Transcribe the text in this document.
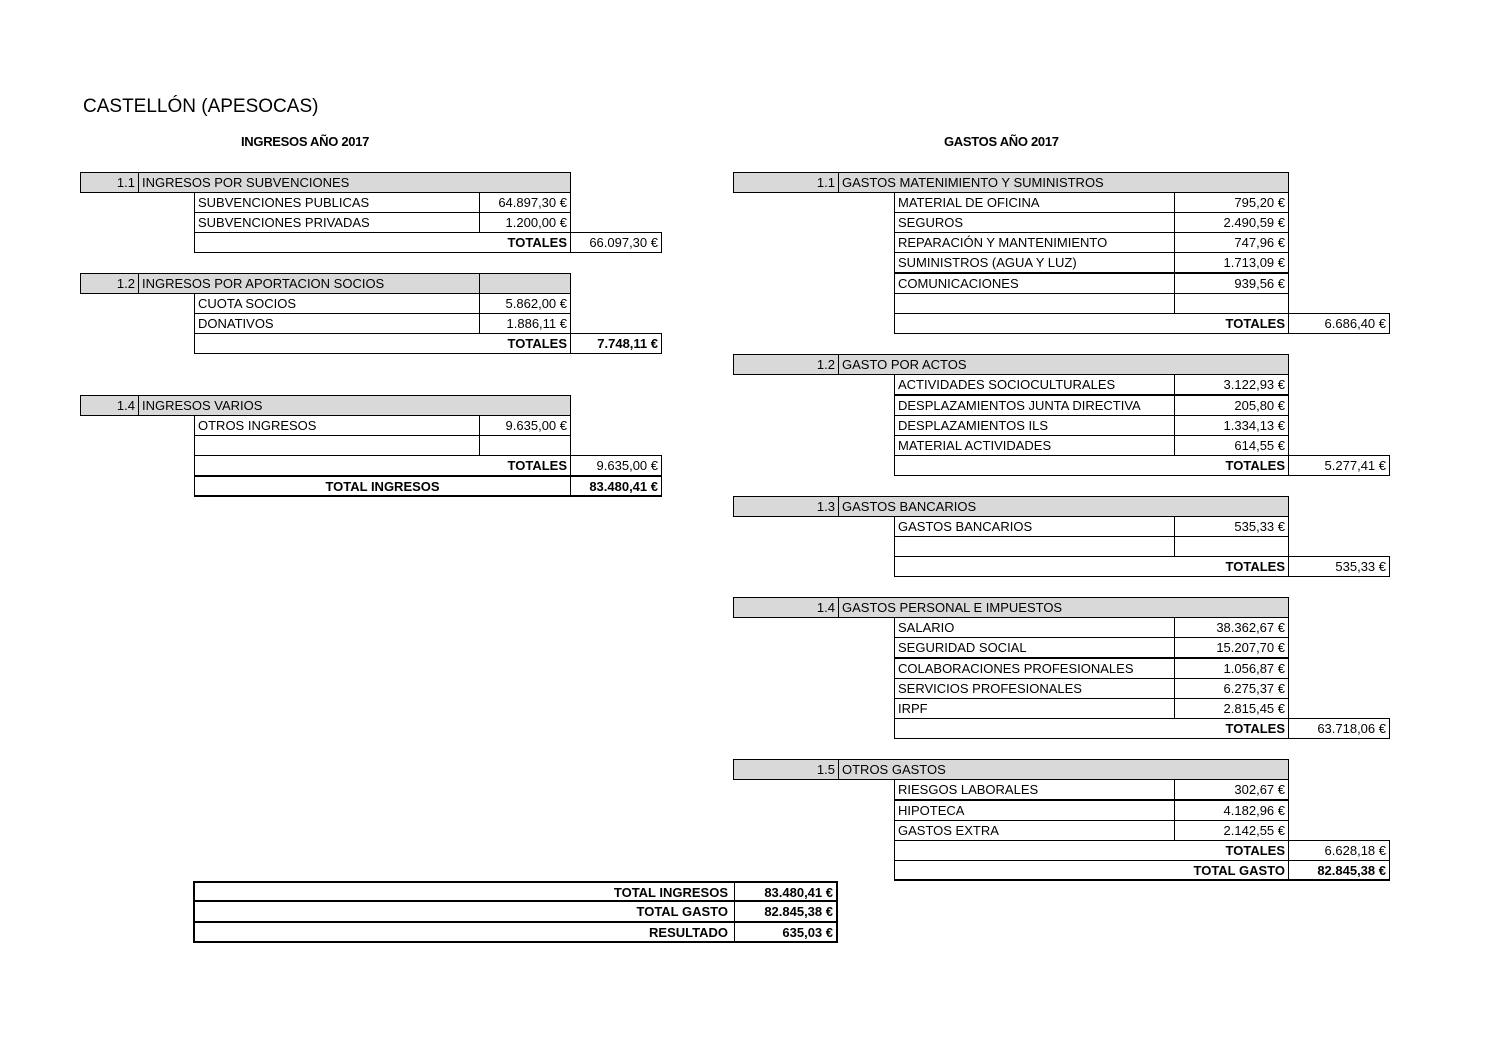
CASTELLÓN (APESOCAS)
INGRESOS AÑO 2017	GASTOS AÑO 2017
1.1 INGRESOS POR SUBVENCIONES
SUBVENCIONES PUBLICAS	64.897,30 €
SUBVENCIONES PRIVADAS	1.200,00 €
TOTALES	66.097,30 €
1.2 INGRESOS POR APORTACION SOCIOS
CUOTA SOCIOS	5.862,00 €
DONATIVOS	1.886,11 €
TOTALES	7.748,11 €
1.4 INGRESOS VARIOS
OTROS INGRESOS	9.635,00 €
TOTALES	9.635,00 €
TOTAL INGRESOS	83.480,41 €
1.1 GASTOS MATENIMIENTO Y SUMINISTROS
MATERIAL DE OFICINA	795,20 €
SEGUROS	2.490,59 €
REPARACIÓN Y MANTENIMIENTO	747,96 €
SUMINISTROS (AGUA Y LUZ)	1.713,09 €
COMUNICACIONES	939,56 €
TOTALES	6.686,40 €
1.2 GASTO POR ACTOS
ACTIVIDADES SOCIOCULTURALES	3.122,93 €
DESPLAZAMIENTOS JUNTA DIRECTIVA	205,80 €
DESPLAZAMIENTOS ILS	1.334,13 €
MATERIAL ACTIVIDADES	614,55 €
TOTALES	5.277,41 €
1.3 GASTOS BANCARIOS
GASTOS BANCARIOS	535,33 €
TOTALES	535,33 €
1.4 GASTOS PERSONAL E IMPUESTOS
SALARIO	38.362,67 €
SEGURIDAD SOCIAL	15.207,70 €
COLABORACIONES PROFESIONALES	1.056,87 €
SERVICIOS PROFESIONALES	6.275,37 €
IRPF	2.815,45 €
TOTALES	63.718,06 €
1.5 OTROS GASTOS
RIESGOS LABORALES	302,67 €
HIPOTECA	4.182,96 €
GASTOS EXTRA	2.142,55 €
TOTALES	6.628,18 €
TOTAL GASTO	82.845,38 €
TOTAL INGRESOS	83.480,41 €
TOTAL GASTO	82.845,38 €
RESULTADO	635,03 €
